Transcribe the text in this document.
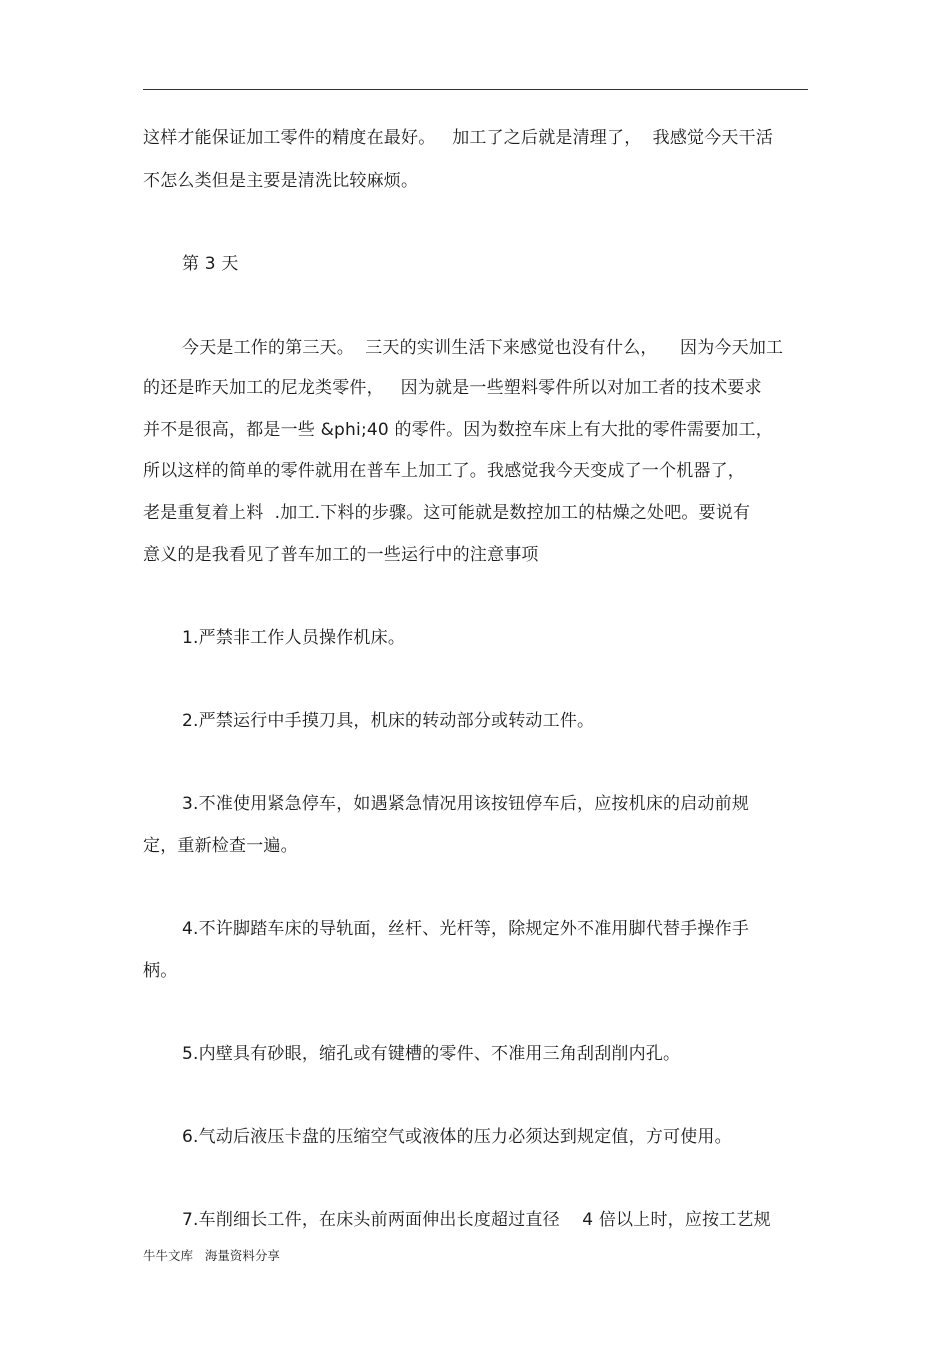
这样才能保证加工零件的精度在最好。   加工了之后就是清理了，  我感觉今天干活
不怎么类但是主要是清洗比较麻烦。
第 3 天
今天是工作的第三天。  三天的实训生活下来感觉也没有什么，    因为今天加工
的还是昨天加工的尼龙类零件，   因为就是一些塑料零件所以对加工者的技术要求
并不是很高，都是一些 &phi;40 的零件。因为数控车床上有大批的零件需要加工，
所以这样的简单的零件就用在普车上加工了。我感觉我今天变成了一个机器了，
老是重复着上料  .加工.下料的步骤。这可能就是数控加工的枯燥之处吧。要说有
意义的是我看见了普车加工的一些运行中的注意事项
1.严禁非工作人员操作机床。
2.严禁运行中手摸刀具，机床的转动部分或转动工件。
3.不准使用紧急停车，如遇紧急情况用该按钮停车后，应按机床的启动前规
定，重新检查一遍。
4.不许脚踏车床的导轨面，丝杆、光杆等，除规定外不准用脚代替手操作手
柄。
5.内壁具有砂眼，缩孔或有键槽的零件、不准用三角刮刮削内孔。
6.气动后液压卡盘的压缩空气或液体的压力必须达到规定值，方可使用。
7.车削细长工件，在床头前两面伸出长度超过直径    4 倍以上时，应按工艺规
牛牛文库   海量资料分享
